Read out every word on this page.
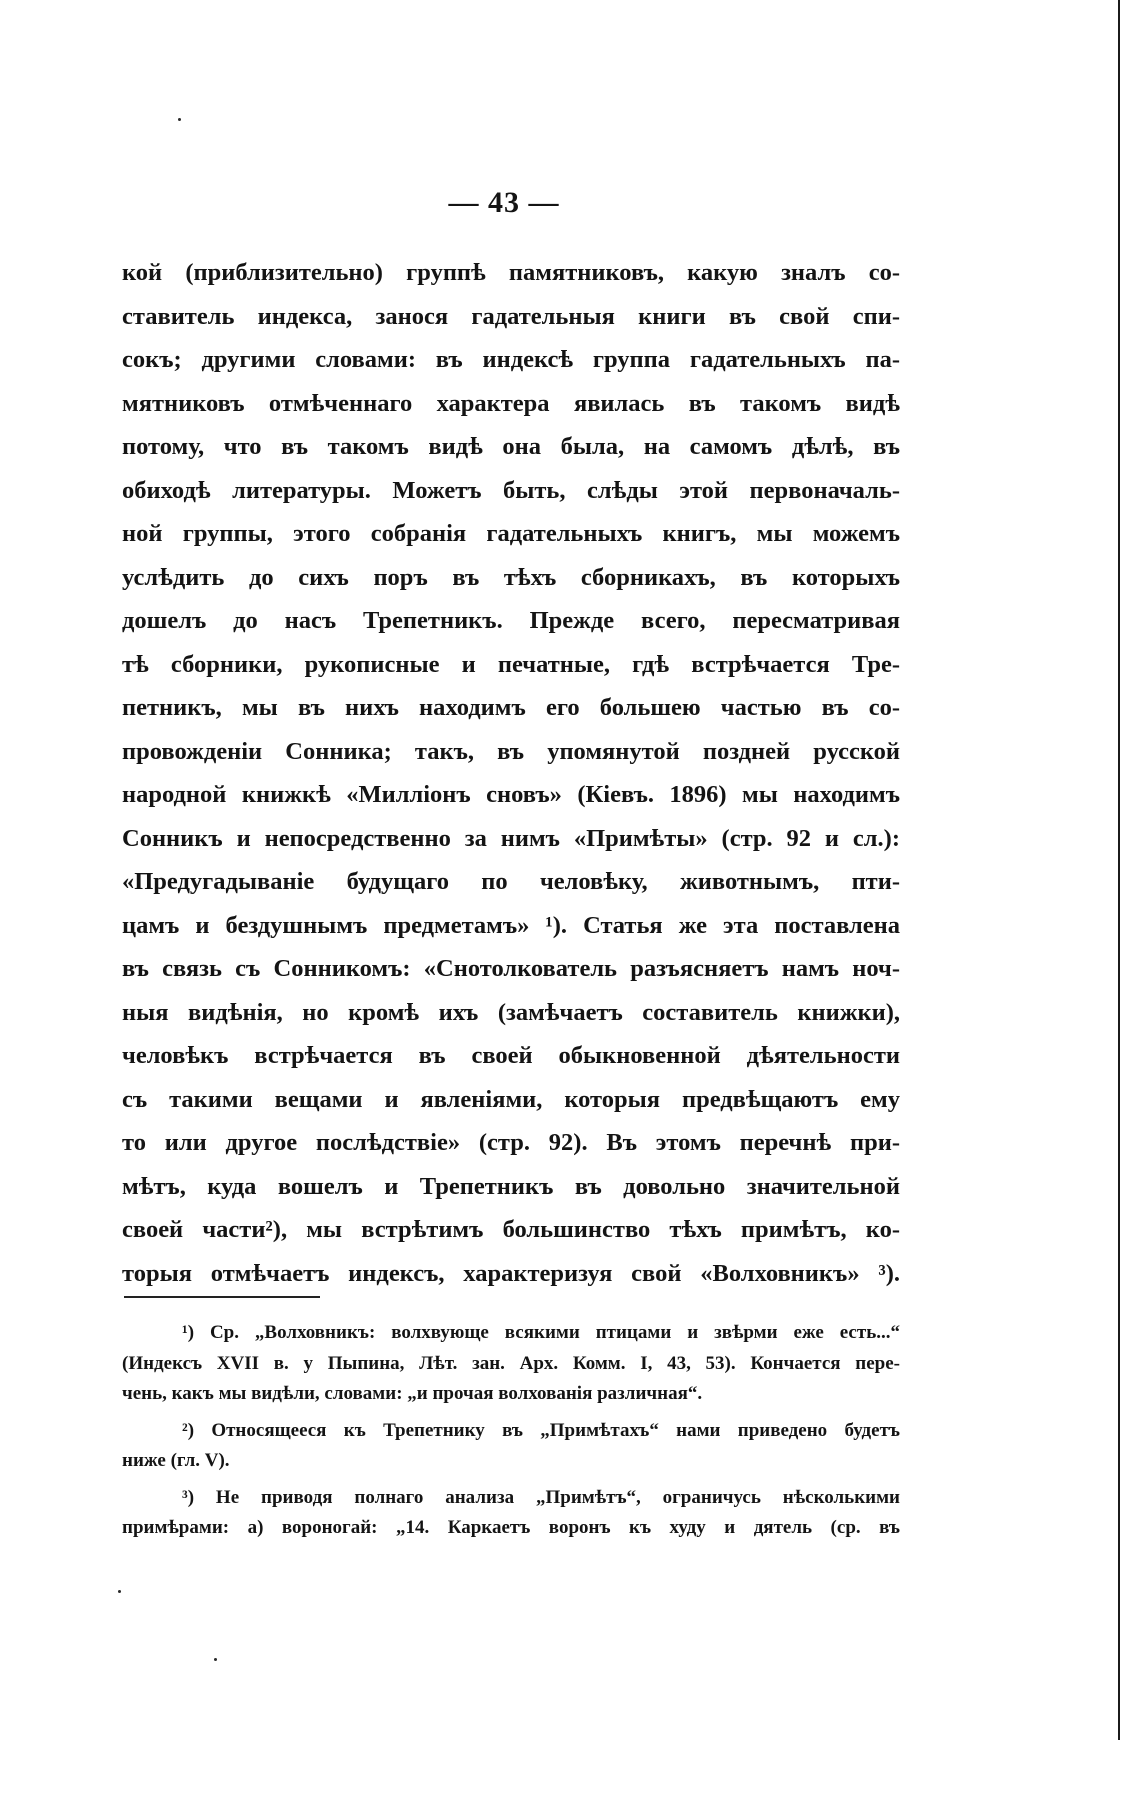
— 43 —
кой (приблизительно) группѣ памятниковъ, какую зналъ со-
ставитель индекса, занося гадательныя книги въ свой спи-
сокъ; другими словами: въ индексѣ группа гадательныхъ па-
мятниковъ отмѣченнаго характера явилась въ такомъ видѣ
потому, что въ такомъ видѣ она была, на самомъ дѣлѣ, въ
обиходѣ литературы. Можетъ быть, слѣды этой первоначаль-
ной группы, этого собранія гадательныхъ книгъ, мы можемъ
услѣдить до сихъ поръ въ тѣхъ сборникахъ, въ которыхъ
дошелъ до насъ Трепетникъ. Прежде всего, пересматривая
тѣ сборники, рукописные и печатные, гдѣ встрѣчается Тре-
петникъ, мы въ нихъ находимъ его большею частью въ со-
провожденіи Сонника; такъ, въ упомянутой поздней русской
народной книжкѣ «Милліонъ сновъ» (Кіевъ. 1896) мы находимъ
Сонникъ и непосредственно за нимъ «Примѣты» (стр. 92 и сл.):
«Предугадываніе будущаго по человѣку, животнымъ, пти-
цамъ и бездушнымъ предметамъ» ¹). Статья же эта поставлена
въ связь съ Сонникомъ: «Снотолкователь разъясняетъ намъ ноч-
ныя видѣнія, но кромѣ ихъ (замѣчаетъ составитель книжки),
человѣкъ встрѣчается въ своей обыкновенной дѣятельности
съ такими вещами и явленіями, которыя предвѣщаютъ ему
то или другое послѣдствіе» (стр. 92). Въ этомъ перечнѣ при-
мѣтъ, куда вошелъ и Трепетникъ въ довольно значительной
своей части²), мы встрѣтимъ большинство тѣхъ примѣтъ, ко-
торыя отмѣчаетъ индексъ, характеризуя свой «Волховникъ» ³).
¹) Ср. „Волховникъ: волхвующе всякими птицами и звѣрми еже есть...“
(Индексъ XVII в. у Пыпина, Лѣт. зан. Арх. Комм. I, 43, 53). Кончается пере-
чень, какъ мы видѣли, словами: „и прочая волхованія различная“.
²) Относящееся къ Трепетнику въ „Примѣтахъ“ нами приведено будетъ
ниже (гл. V).
³) Не приводя полнаго анализа „Примѣтъ“, ограничусь нѣсколькими
примѣрами: а) вороногай: „14. Каркаетъ воронъ къ худу и дятель (ср. въ
